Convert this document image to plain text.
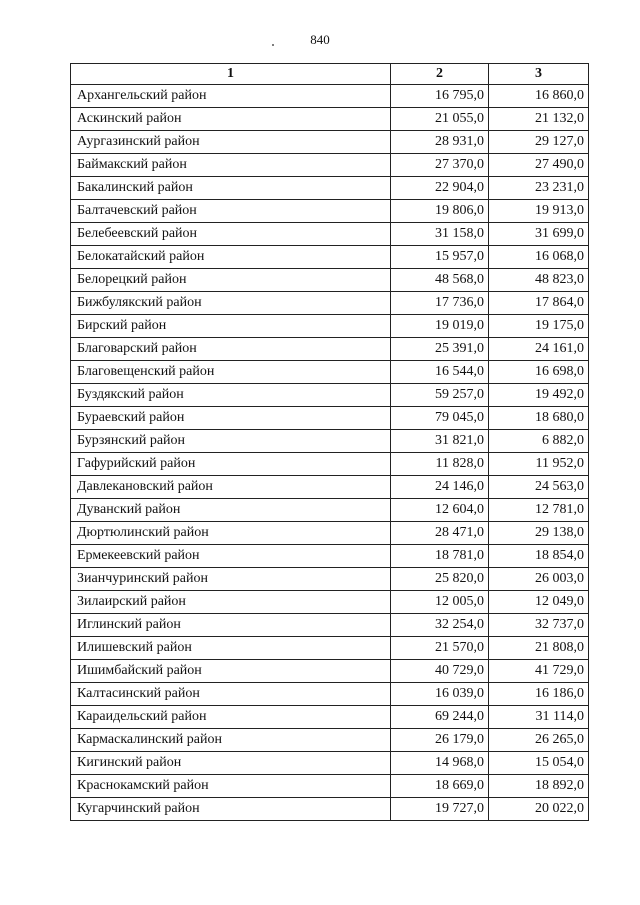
840
1	2	3
Архангельский район	16 795,0	16 860,0
Аскинский район	21 055,0	21 132,0
Аургазинский район	28 931,0	29 127,0
Баймакский район	27 370,0	27 490,0
Бакалинский район	22 904,0	23 231,0
Балтачевский район	19 806,0	19 913,0
Белебеевский район	31 158,0	31 699,0
Белокатайский район	15 957,0	16 068,0
Белорецкий район	48 568,0	48 823,0
Бижбулякский район	17 736,0	17 864,0
Бирский район	19 019,0	19 175,0
Благоварский район	25 391,0	24 161,0
Благовещенский район	16 544,0	16 698,0
Буздякский район	59 257,0	19 492,0
Бураевский район	79 045,0	18 680,0
Бурзянский район	31 821,0	6 882,0
Гафурийский район	11 828,0	11 952,0
Давлекановский район	24 146,0	24 563,0
Дуванский район	12 604,0	12 781,0
Дюртюлинский район	28 471,0	29 138,0
Ермекеевский район	18 781,0	18 854,0
Зианчуринский район	25 820,0	26 003,0
Зилаирский район	12 005,0	12 049,0
Иглинский район	32 254,0	32 737,0
Илишевский район	21 570,0	21 808,0
Ишимбайский район	40 729,0	41 729,0
Калтасинский район	16 039,0	16 186,0
Караидельский район	69 244,0	31 114,0
Кармаскалинский район	26 179,0	26 265,0
Кигинский район	14 968,0	15 054,0
Краснокамский район	18 669,0	18 892,0
Кугарчинский район	19 727,0	20 022,0
